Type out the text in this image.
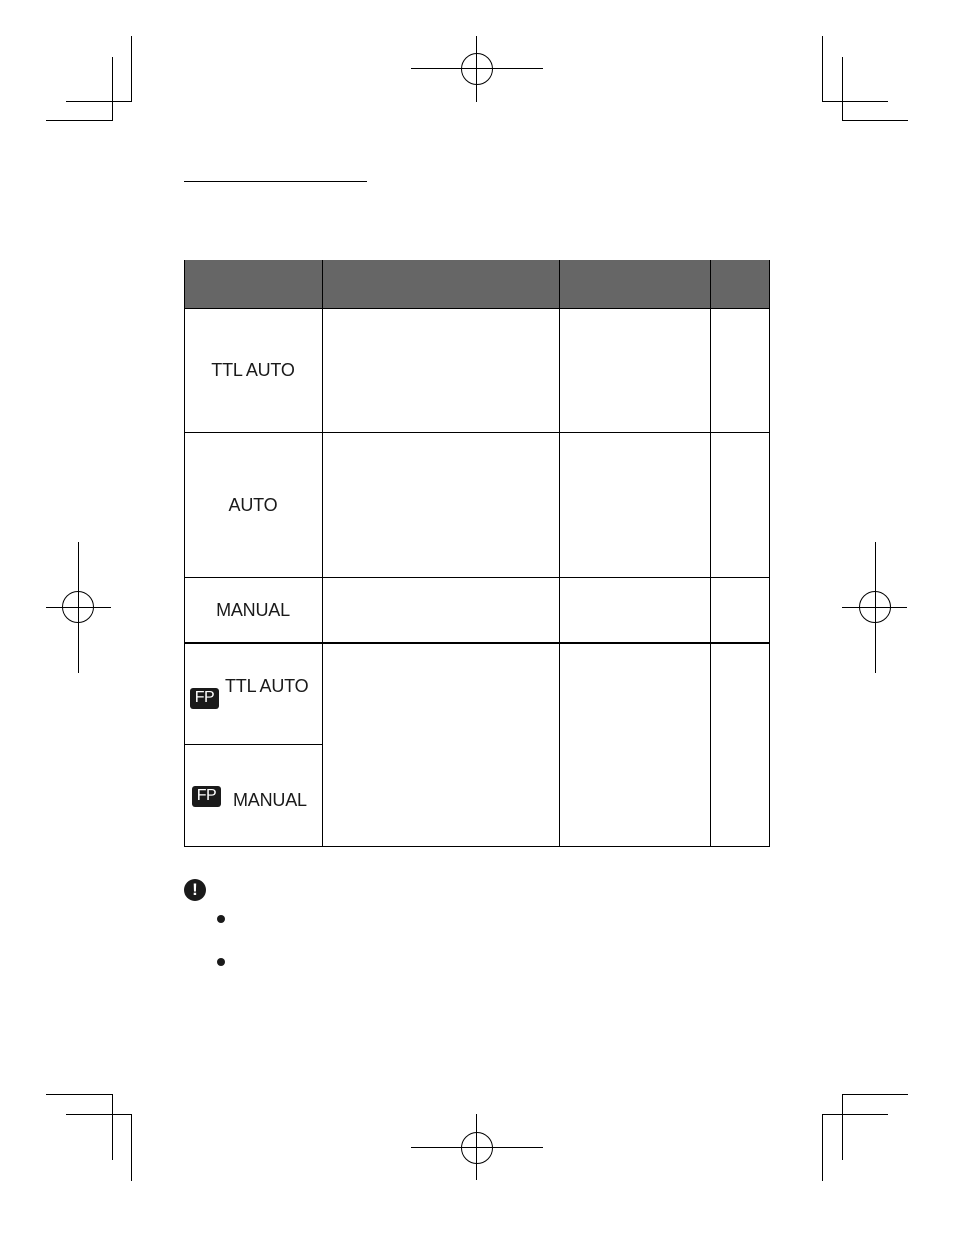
TTL AUTO
AUTO
MANUAL
FP
TTL AUTO
FP MANUAL
!
